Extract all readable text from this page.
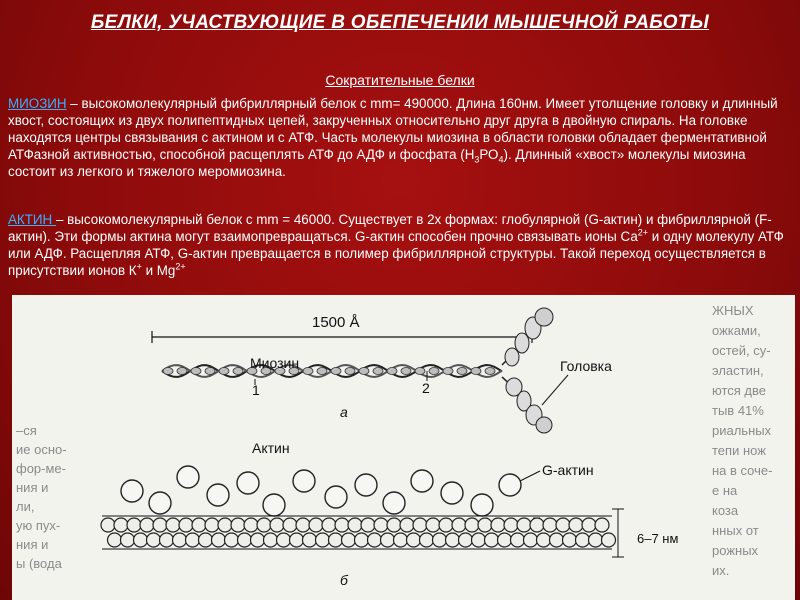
БЕЛКИ, УЧАСТВУЮЩИЕ В ОБЕПЕЧЕНИИ МЫШЕЧНОЙ РАБОТЫ
Сократительные белки

МИОЗИН – высокомолекулярный фибриллярный белок с mm= 490000. Длина 160нм. Имеет утолщение головку и длинный хвост, состоящих из двух полипептидных цепей, закрученных относительно друг друга в двойную спираль. На головке находятся центры связывания с актином и с АТФ. Часть молекулы миозина в области головки обладает ферментативной АТФазной активностью, способной расщеплять АТФ до АДФ и фосфата $(Н_3РО_4)$. Длинный «хвост» молекулы миозина состоит из легкого и тяжелого меромиозина.

АКТИН – высокомолекулярный белок с mm = 46000. Существует в 2х формах: глобулярной (G-актин) и фибриллярной (F-актин). Эти формы актина могут взаимопревращаться. G-актин способен прочно связывать ионы $Са^{2+}$ и одну молекулу АТФ или АДФ. Расщепляя АТФ, G-актин превращается в полимер фибриллярной структуры. Такой переход осуществляется в присутствии ионов К+ и $Mg^{2+}$

–ся
ие осно-
фор-ме-
ния и
ли,
ую пух-
ния и
ы (вода
ЖНЫХ
ожками,
остей, су-
эластин,
ются две
тыв 41%
риальных
тепи нож
на в соче-
е на
коза
нных от
рожных
их.
1500 Å
Миозин	Головка
1	2
а
Актин
G-актин
6–7 нм
б
